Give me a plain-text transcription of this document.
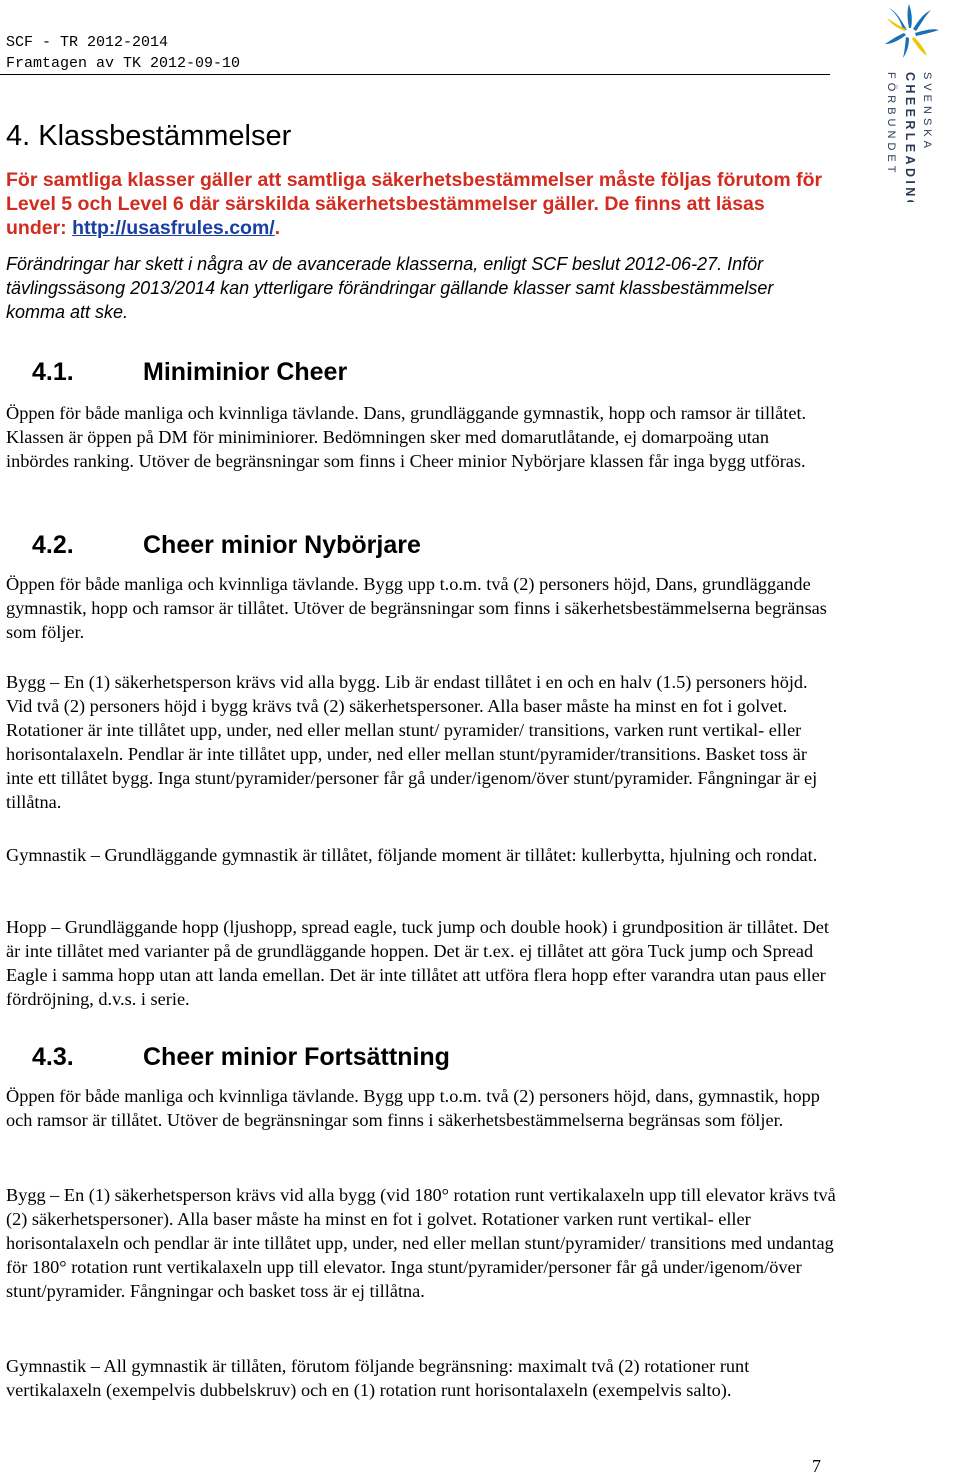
SCF - TR 2012-2014
Framtagen av TK 2012-09-10
SVENSKA
CHEERLEADING
FÖRBUNDET
4. Klassbestämmelser
För samtliga klasser gäller att samtliga säkerhetsbestämmelser måste följas förutom för Level 5 och Level 6 där särskilda säkerhetsbestämmelser gäller. De finns att läsas under: http://usasfrules.com/.
Förändringar har skett i några av de avancerade klasserna, enligt SCF beslut 2012-06-27. Inför tävlingssäsong 2013/2014 kan ytterligare förändringar gällande klasser samt klassbestämmelser komma att ske.
4.1.	Miniminior Cheer
Öppen för både manliga och kvinnliga tävlande. Dans, grundläggande gymnastik, hopp och ramsor är tillåtet. Klassen är öppen på DM för miniminiorer. Bedömningen sker med domarutlåtande, ej domarpoäng utan inbördes ranking. Utöver de begränsningar som finns i Cheer minior Nybörjare klassen får inga bygg utföras.
4.2.	Cheer minior Nybörjare
Öppen för både manliga och kvinnliga tävlande. Bygg upp t.o.m. två (2) personers höjd, Dans, grundläggande gymnastik, hopp och ramsor är tillåtet. Utöver de begränsningar som finns i säkerhetsbestämmelserna begränsas som följer.
Bygg – En (1) säkerhetsperson krävs vid alla bygg. Lib är endast tillåtet i en och en halv (1.5) personers höjd. Vid två (2) personers höjd i bygg krävs två (2) säkerhetspersoner. Alla baser måste ha minst en fot i golvet. Rotationer är inte tillåtet upp, under, ned eller mellan stunt/ pyramider/ transitions, varken runt vertikal- eller horisontalaxeln. Pendlar är inte tillåtet upp, under, ned eller mellan stunt/pyramider/transitions. Basket toss är inte ett tillåtet bygg. Inga stunt/pyramider/personer får gå under/igenom/över stunt/pyramider. Fångningar är ej tillåtna.
Gymnastik – Grundläggande gymnastik är tillåtet, följande moment är tillåtet: kullerbytta, hjulning och rondat.
Hopp – Grundläggande hopp (ljushopp, spread eagle, tuck jump och double hook) i grundposition är tillåtet. Det är inte tillåtet med varianter på de grundläggande hoppen. Det är t.ex. ej tillåtet att göra Tuck jump och Spread Eagle i samma hopp utan att landa emellan. Det är inte tillåtet att utföra flera hopp efter varandra utan paus eller fördröjning, d.v.s. i serie.
4.3.	Cheer minior Fortsättning
Öppen för både manliga och kvinnliga tävlande. Bygg upp t.o.m. två (2) personers höjd, dans, gymnastik, hopp och ramsor är tillåtet. Utöver de begränsningar som finns i säkerhetsbestämmelserna begränsas som följer.
Bygg – En (1) säkerhetsperson krävs vid alla bygg (vid 180° rotation runt vertikalaxeln upp till elevator krävs två (2) säkerhetspersoner). Alla baser måste ha minst en fot i golvet. Rotationer varken runt vertikal- eller horisontalaxeln och pendlar är inte tillåtet upp, under, ned eller mellan stunt/pyramider/ transitions med undantag för 180° rotation runt vertikalaxeln upp till elevator. Inga stunt/pyramider/personer får gå under/igenom/över stunt/pyramider. Fångningar och basket toss är ej tillåtna.
Gymnastik – All gymnastik är tillåten, förutom följande begränsning: maximalt två (2) rotationer runt vertikalaxeln (exempelvis dubbelskruv) och en (1) rotation runt horisontalaxeln (exempelvis salto).
7
